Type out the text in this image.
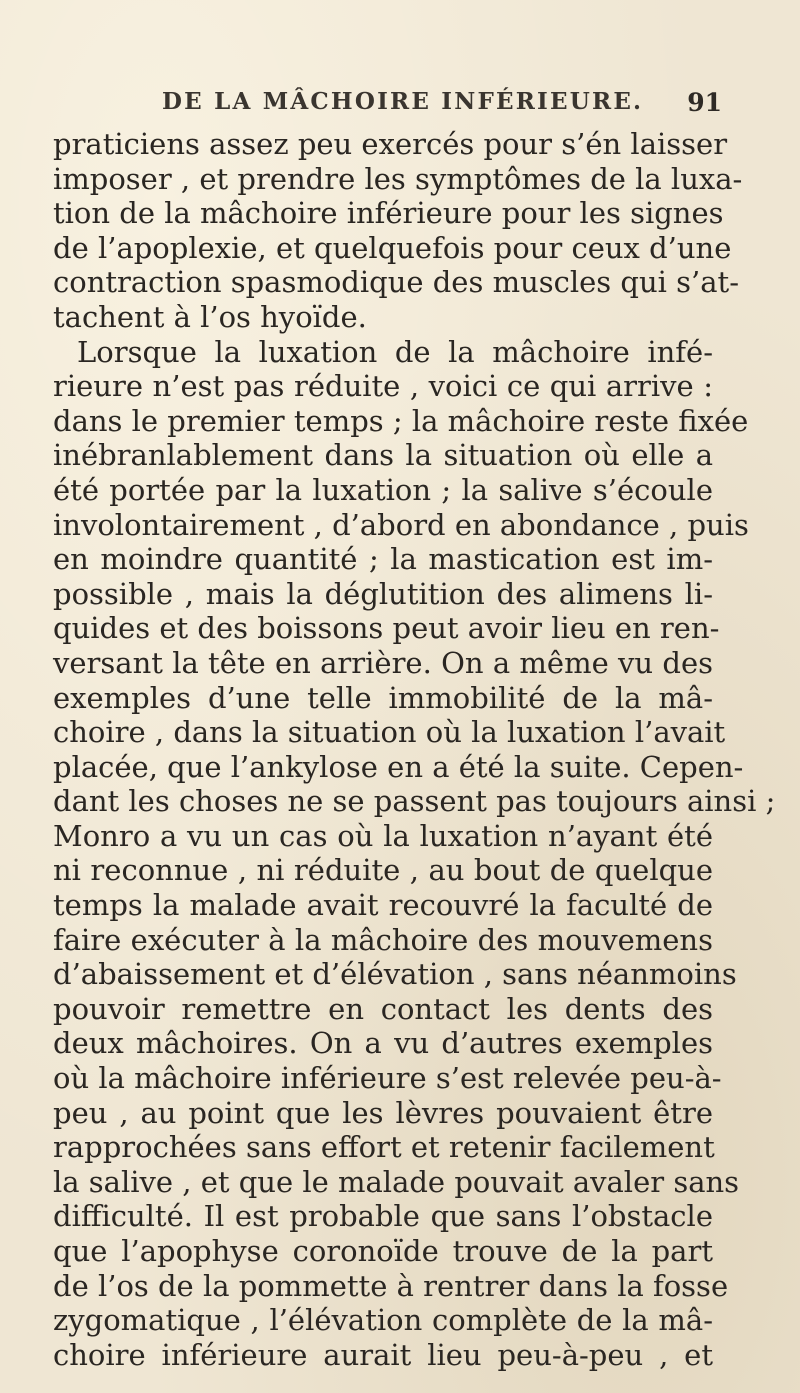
DE LA MÂCHOIRE INFÉRIEURE. 91
praticiens assez peu exercés pour s’én laisser
imposer , et prendre les symptômes de la luxa-
tion de la mâchoire inférieure pour les signes
de l’apoplexie, et quelquefois pour ceux d’une
contraction spasmodique des muscles qui s’at-
tachent à l’os hyoïde.
Lorsque la luxation de la mâchoire infé-
rieure n’est pas réduite , voici ce qui arrive :
dans le premier temps ; la mâchoire reste fixée
inébranlablement dans la situation où elle a
été portée par la luxation ; la salive s’écoule
involontairement , d’abord en abondance , puis
en moindre quantité ; la mastication est im-
possible , mais la déglutition des alimens li-
quides et des boissons peut avoir lieu en ren-
versant la tête en arrière. On a même vu des
exemples d’une telle immobilité de la mâ-
choire , dans la situation où la luxation l’avait
placée, que l’ankylose en a été la suite. Cepen-
dant les choses ne se passent pas toujours ainsi ;
Monro a vu un cas où la luxation n’ayant été
ni reconnue , ni réduite , au bout de quelque
temps la malade avait recouvré la faculté de
faire exécuter à la mâchoire des mouvemens
d’abaissement et d’élévation , sans néanmoins
pouvoir remettre en contact les dents des
deux mâchoires. On a vu d’autres exemples
où la mâchoire inférieure s’est relevée peu-à-
peu , au point que les lèvres pouvaient être
rapprochées sans effort et retenir facilement
la salive , et que le malade pouvait avaler sans
difficulté. Il est probable que sans l’obstacle
que l’apophyse coronoïde trouve de la part
de l’os de la pommette à rentrer dans la fosse
zygomatique , l’élévation complète de la mâ-
choire inférieure aurait lieu peu-à-peu , et
